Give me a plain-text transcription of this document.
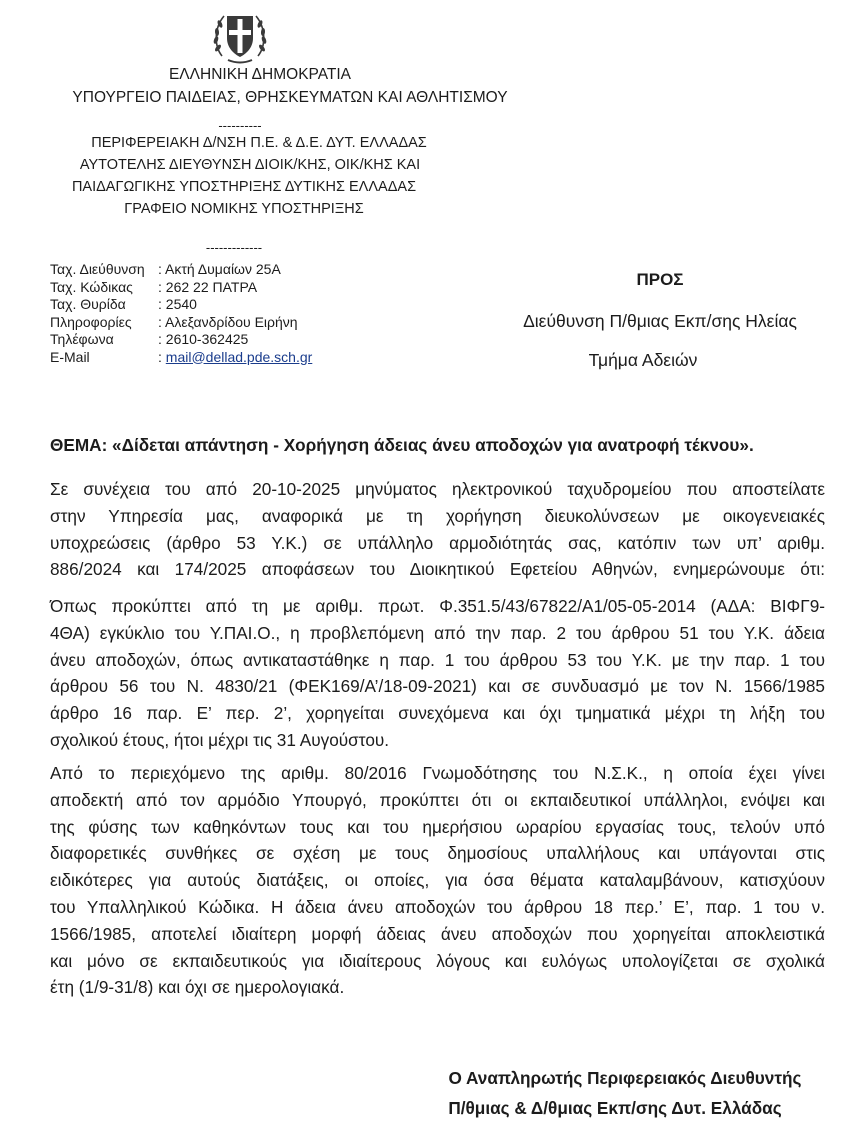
ΕΛΛΗΝΙΚΗ ΔΗΜΟΚΡΑΤΙΑ
ΥΠΟΥΡΓΕΙΟ ΠΑΙΔΕΙΑΣ, ΘΡΗΣΚΕΥΜΑΤΩΝ ΚΑΙ ΑΘΛΗΤΙΣΜΟΥ
----------
ΠΕΡΙΦΕΡΕΙΑΚΗ Δ/ΝΣΗ Π.Ε. & Δ.Ε. ΔΥΤ. ΕΛΛΑΔΑΣ
ΑΥΤΟΤΕΛΗΣ ΔΙΕΥΘΥΝΣΗ ΔΙΟΙΚ/ΚΗΣ, ΟΙΚ/ΚΗΣ ΚΑΙ
ΠΑΙΔΑΓΩΓΙΚΗΣ ΥΠΟΣΤΗΡΙΞΗΣ ΔΥΤΙΚΗΣ ΕΛΛΑΔΑΣ
ΓΡΑΦΕΙΟ ΝΟΜΙΚΗΣ ΥΠΟΣΤΗΡΙΞΗΣ
-------------
Ταχ. Διεύθυνση : Ακτή Δυμαίων 25Α
Ταχ. Κώδικας : 262 22 ΠΑΤΡΑ
Ταχ. Θυρίδα : 2540
Πληροφορίες : Αλεξανδρίδου Ειρήνη
Τηλέφωνα	: 2610-362425
E-Mail	: mail@dellad.pde.sch.gr
ΠΡΟΣ
Διεύθυνση Π/θμιας Εκπ/σης Ηλείας
Τμήμα Αδειών
ΘΕΜΑ: «Δίδεται απάντηση - Χορήγηση άδειας άνευ αποδοχών για ανατροφή τέκνου».
Σε συνέχεια του από 20-10-2025 μηνύματος ηλεκτρονικού ταχυδρομείου που αποστείλατε
στην Υπηρεσία μας, αναφορικά με τη χορήγηση διευκολύνσεων με οικογενειακές
υποχρεώσεις (άρθρο 53 Υ.Κ.) σε υπάλληλο αρμοδιότητάς σας, κατόπιν των υπ’ αριθμ.
886/2024 και 174/2025 αποφάσεων του Διοικητικού Εφετείου Αθηνών, ενημερώνουμε ότι:
Όπως προκύπτει από τη με αριθμ. πρωτ. Φ.351.5/43/67822/Α1/05-05-2014 (ΑΔΑ: ΒΙΦΓ9-
4ΘΑ) εγκύκλιο του Υ.ΠΑΙ.Ο., η προβλεπόμενη από την παρ. 2 του άρθρου 51 του Υ.Κ. άδεια
άνευ αποδοχών, όπως αντικαταστάθηκε η παρ. 1 του άρθρου 53 του Υ.Κ. με την παρ. 1 του
άρθρου 56 του Ν. 4830/21 (ΦΕΚ169/Α’/18-09-2021) και σε συνδυασμό με τον Ν. 1566/1985
άρθρο 16 παρ. Ε’ περ. 2’, χορηγείται συνεχόμενα και όχι τμηματικά μέχρι τη λήξη του
σχολικού έτους, ήτοι μέχρι τις 31 Αυγούστου.
Από το περιεχόμενο της αριθμ. 80/2016 Γνωμοδότησης του Ν.Σ.Κ., η οποία έχει γίνει
αποδεκτή από τον αρμόδιο Υπουργό, προκύπτει ότι οι εκπαιδευτικοί υπάλληλοι, ενόψει και
της φύσης των καθηκόντων τους και του ημερήσιου ωραρίου εργασίας τους, τελούν υπό
διαφορετικές συνθήκες σε σχέση με τους δημοσίους υπαλλήλους και υπάγονται στις
ειδικότερες για αυτούς διατάξεις, οι οποίες, για όσα θέματα καταλαμβάνουν, κατισχύουν
του Υπαλληλικού Κώδικα. Η άδεια άνευ αποδοχών του άρθρου 18 περ.’ Ε’, παρ. 1 του ν.
1566/1985, αποτελεί ιδιαίτερη μορφή άδειας άνευ αποδοχών που χορηγείται αποκλειστικά
και μόνο σε εκπαιδευτικούς για ιδιαίτερους λόγους και ευλόγως υπολογίζεται σε σχολικά
έτη (1/9-31/8) και όχι σε ημερολογιακά.
Ο Αναπληρωτής Περιφερειακός Διευθυντής
Π/θμιας & Δ/θμιας Εκπ/σης Δυτ. Ελλάδας
